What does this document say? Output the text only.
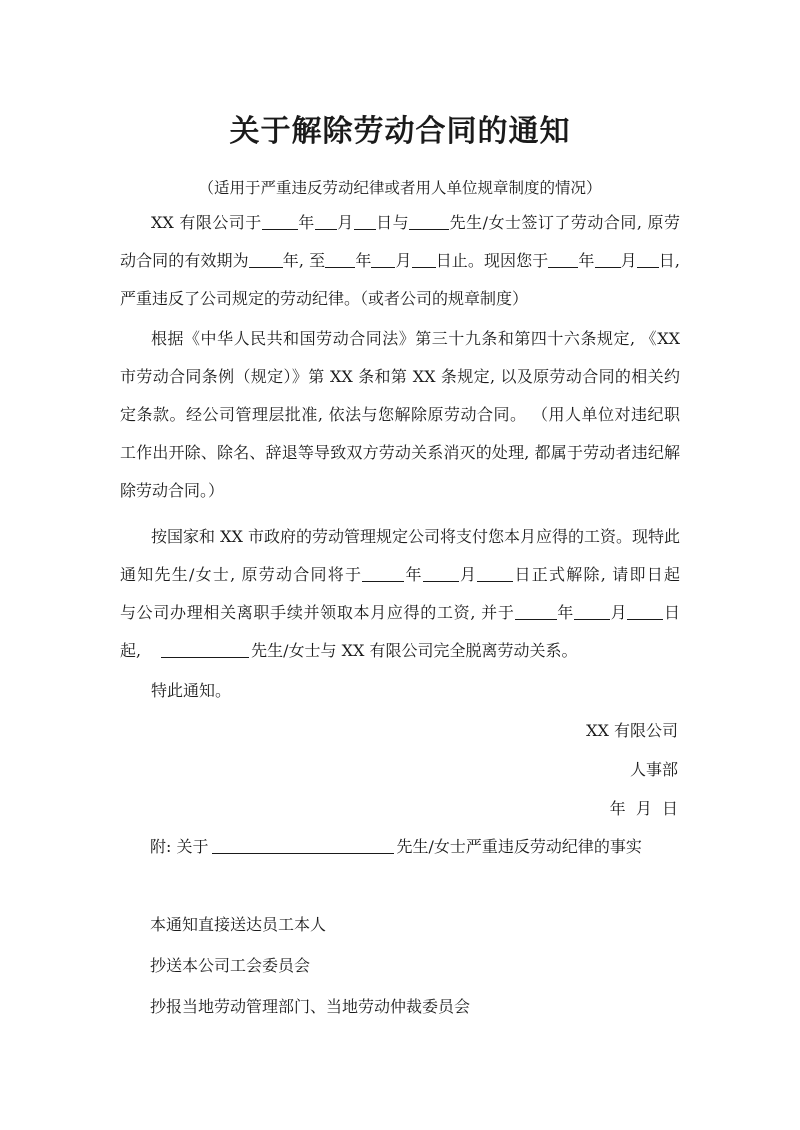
关于解除劳动合同的通知
（适用于严重违反劳动纪律或者用人单位规章制度的情况）
XX 有限公司于 年 月 日与	先生/女士签订了劳动合同, 原劳
动合同的有效期为 年, 至 年 月 日止。现因您于 年 月 日,
严重违反了公司规定的劳动纪律。（或者公司的规章制度）
根据《中华人民共和国劳动合同法》第三十九条和第四十六条规定, 《XX
市劳动合同条例（规定）》第 XX 条和第 XX 条规定, 以及原劳动合同的相关约
定条款。经公司管理层批准, 依法与您解除原劳动合同。 （用人单位对违纪职
工作出开除、除名、辞退等导致双方劳动关系消灭的处理, 都属于劳动者违纪解
除劳动合同。）
按国家和 XX 市政府的劳动管理规定公司将支付您本月应得的工资。现特此
通知先生/女士, 原劳动合同将于	年 月 日正式解除, 请即日起
与公司办理相关离职手续并领取本月应得的工资, 并于	年 月 日
起,	先生/女士与 XX 有限公司完全脱离劳动关系。
特此通知。
XX 有限公司
人事部
年  月  日
附: 关于	先生/女士严重违反劳动纪律的事实
本通知直接送达员工本人
抄送本公司工会委员会
抄报当地劳动管理部门、当地劳动仲裁委员会
